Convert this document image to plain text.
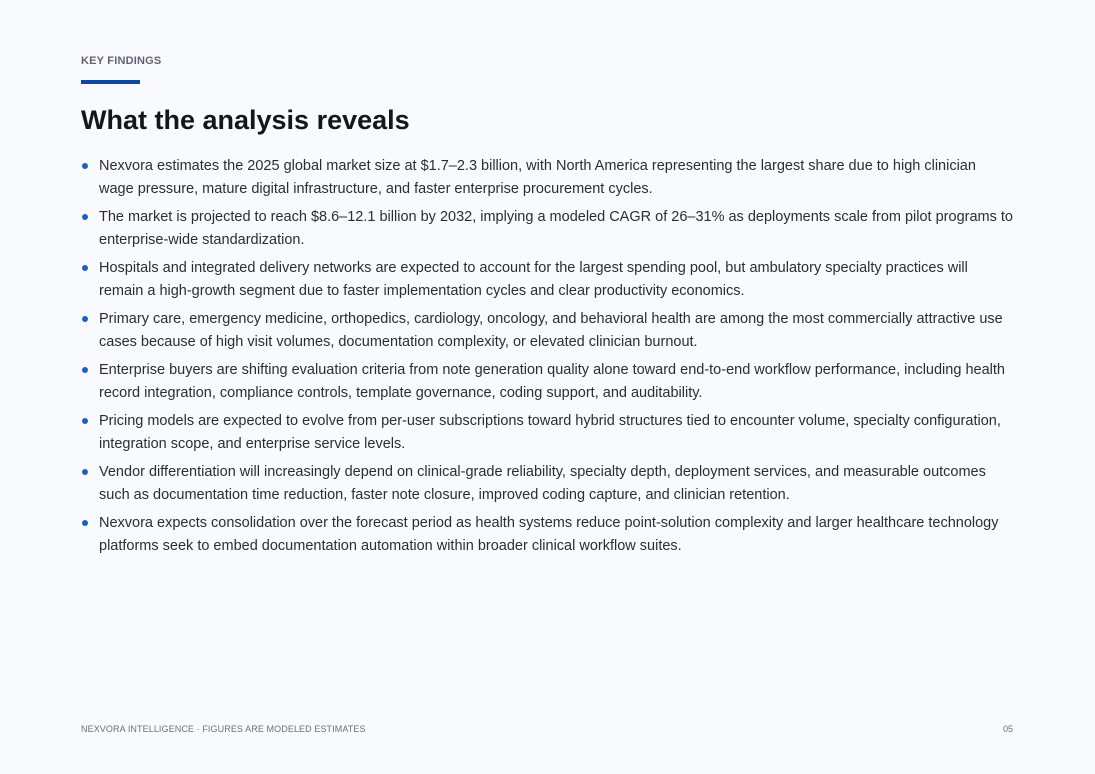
KEY FINDINGS
What the analysis reveals
Nexvora estimates the 2025 global market size at $1.7–2.3 billion, with North America representing the largest share due to high clinician wage pressure, mature digital infrastructure, and faster enterprise procurement cycles.
The market is projected to reach $8.6–12.1 billion by 2032, implying a modeled CAGR of 26–31% as deployments scale from pilot programs to enterprise-wide standardization.
Hospitals and integrated delivery networks are expected to account for the largest spending pool, but ambulatory specialty practices will remain a high-growth segment due to faster implementation cycles and clear productivity economics.
Primary care, emergency medicine, orthopedics, cardiology, oncology, and behavioral health are among the most commercially attractive use cases because of high visit volumes, documentation complexity, or elevated clinician burnout.
Enterprise buyers are shifting evaluation criteria from note generation quality alone toward end-to-end workflow performance, including health record integration, compliance controls, template governance, coding support, and auditability.
Pricing models are expected to evolve from per-user subscriptions toward hybrid structures tied to encounter volume, specialty configuration, integration scope, and enterprise service levels.
Vendor differentiation will increasingly depend on clinical-grade reliability, specialty depth, deployment services, and measurable outcomes such as documentation time reduction, faster note closure, improved coding capture, and clinician retention.
Nexvora expects consolidation over the forecast period as health systems reduce point-solution complexity and larger healthcare technology platforms seek to embed documentation automation within broader clinical workflow suites.
NEXVORA INTELLIGENCE · FIGURES ARE MODELED ESTIMATES	05
